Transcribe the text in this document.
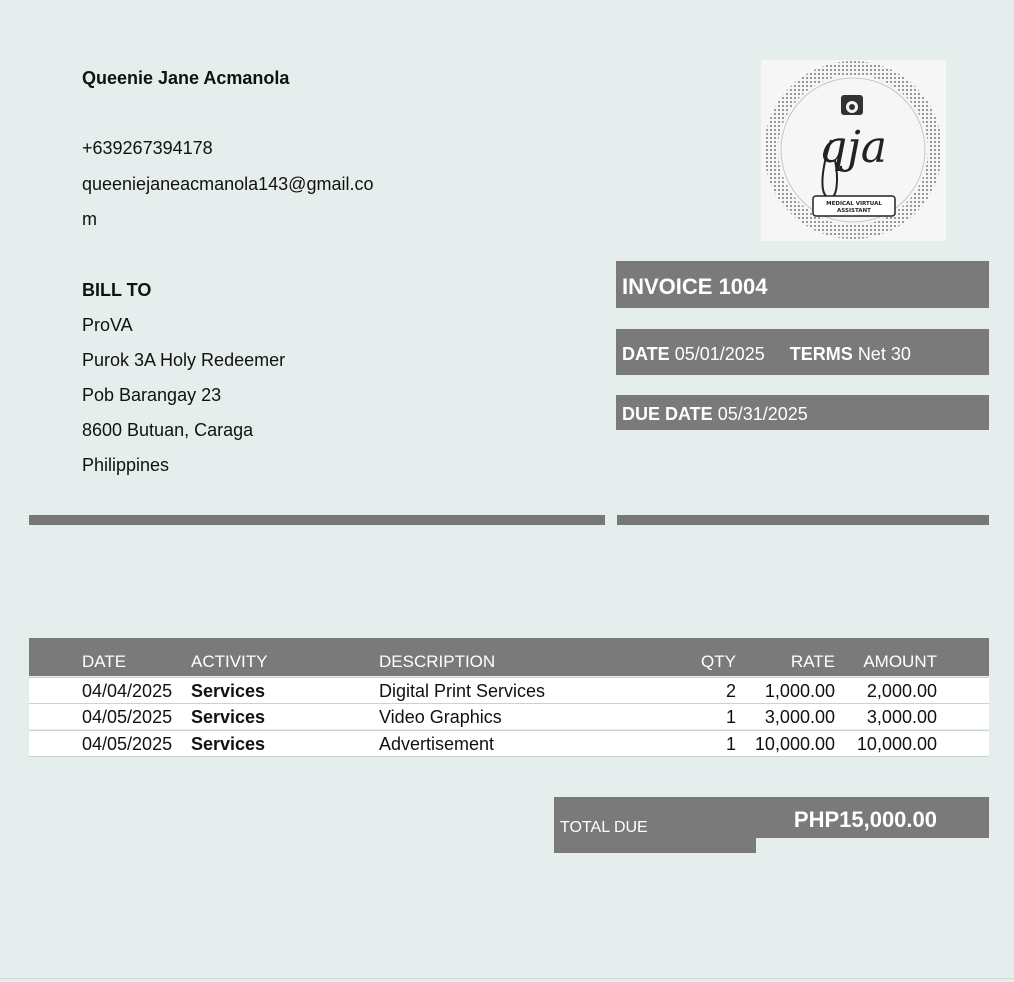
Queenie Jane Acmanola
+639267394178
queeniejaneacmanola143@gmail.co
m
qja
MEDICAL VIRTUAL
ASSISTANT
BILL TO
ProVA
Purok 3A Holy Redeemer
Pob Barangay 23
8600 Butuan, Caraga
Philippines
INVOICE 1004
DATE 05/01/2025 TERMS Net 30
DUE DATE 05/31/2025
DATE	ACTIVITY	DESCRIPTION	QTY	RATE AMOUNT
04/04/2025 Services	Digital Print Services	2 1,000.00 2,000.00
04/05/2025 Services	Video Graphics	1 3,000.00 3,000.00
04/05/2025 Services	Advertisement	1 10,000.00 10,000.00
TOTAL DUE	PHP15,000.00
